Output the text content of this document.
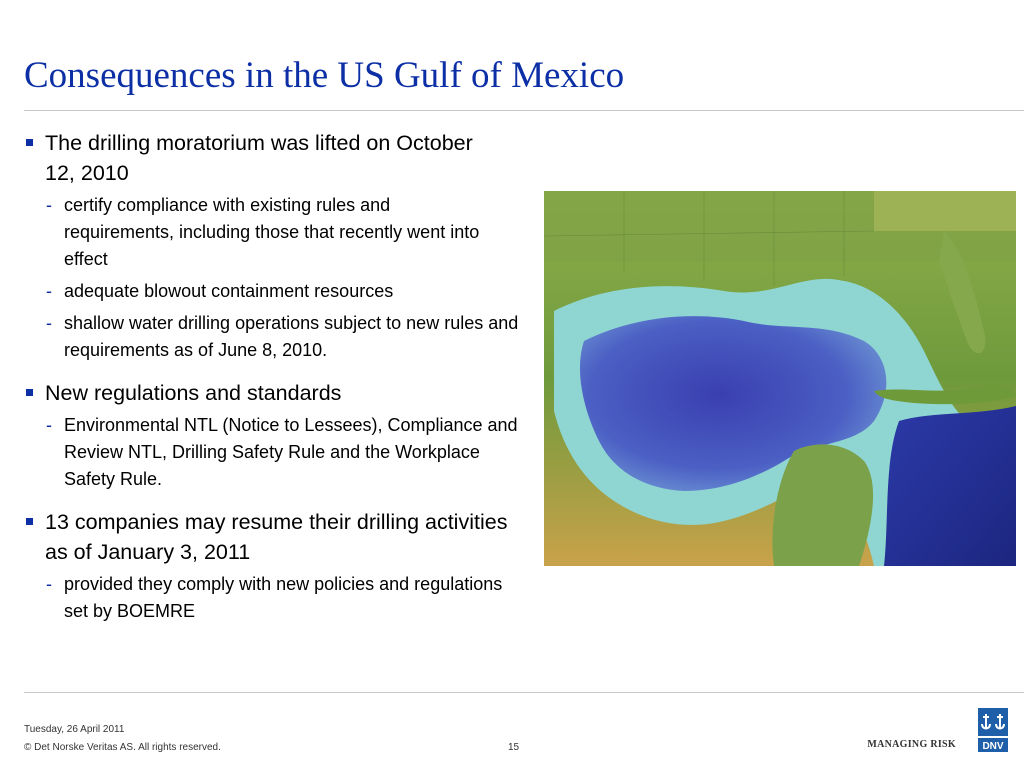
Consequences in the US Gulf of Mexico
The drilling moratorium was lifted on October 12, 2010
- certify compliance with existing rules and requirements, including those that recently went into effect
- adequate blowout containment resources
- shallow water drilling operations subject to new rules and requirements as of June 8, 2010.
New regulations and standards
- Environmental NTL (Notice to Lessees), Compliance and Review NTL, Drilling Safety Rule and the Workplace Safety Rule.
13 companies may resume their drilling activities as of January 3, 2011
- provided they comply with new policies and regulations set by BOEMRE
Tuesday, 26 April 2011
© Det Norske Veritas AS. All rights reserved.	15	MANAGING RISK	DNV
